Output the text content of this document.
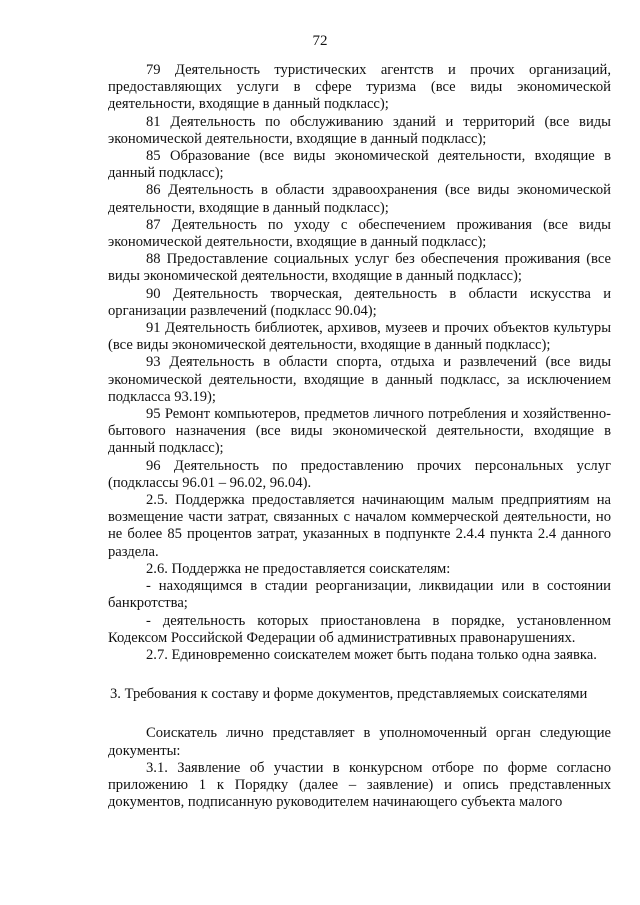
72

79 Деятельность туристических агентств и прочих организаций, предоставляющих услуги в сфере туризма (все виды экономической деятельности, входящие в данный подкласс);

81 Деятельность по обслуживанию зданий и территорий (все виды экономической деятельности, входящие в данный подкласс);

85 Образование (все виды экономической деятельности, входящие в данный подкласс);

86 Деятельность в области здравоохранения (все виды экономической деятельности, входящие в данный подкласс);

87 Деятельность по уходу с обеспечением проживания (все виды экономической деятельности, входящие в данный подкласс);

88 Предоставление социальных услуг без обеспечения проживания (все виды экономической деятельности, входящие в данный подкласс);

90 Деятельность творческая, деятельность в области искусства и организации развлечений (подкласс 90.04);

91 Деятельность библиотек, архивов, музеев и прочих объектов культуры (все виды экономической деятельности, входящие в данный подкласс);

93 Деятельность в области спорта, отдыха и развлечений (все виды экономической деятельности, входящие в данный подкласс, за исключением подкласса 93.19);

95 Ремонт компьютеров, предметов личного потребления и хозяйственно-бытового назначения (все виды экономической деятельности, входящие в данный подкласс);

96 Деятельность по предоставлению прочих персональных услуг (подклассы 96.01 – 96.02, 96.04).

2.5. Поддержка предоставляется начинающим малым предприятиям на возмещение части затрат, связанных с началом коммерческой деятельности, но не более 85 процентов затрат, указанных в подпункте 2.4.4 пункта 2.4 данного раздела.

2.6. Поддержка не предоставляется соискателям:

- находящимся в стадии реорганизации, ликвидации или в состоянии банкротства;

- деятельность которых приостановлена в порядке, установленном Кодексом Российской Федерации об административных правонарушениях.

2.7. Единовременно соискателем может быть подана только одна заявка.

3. Требования к составу и форме документов, представляемых соискателями

Соискатель лично представляет в уполномоченный орган следующие документы:

3.1. Заявление об участии в конкурсном отборе по форме согласно приложению 1 к Порядку (далее – заявление) и опись представленных документов, подписанную руководителем начинающего субъекта малого
